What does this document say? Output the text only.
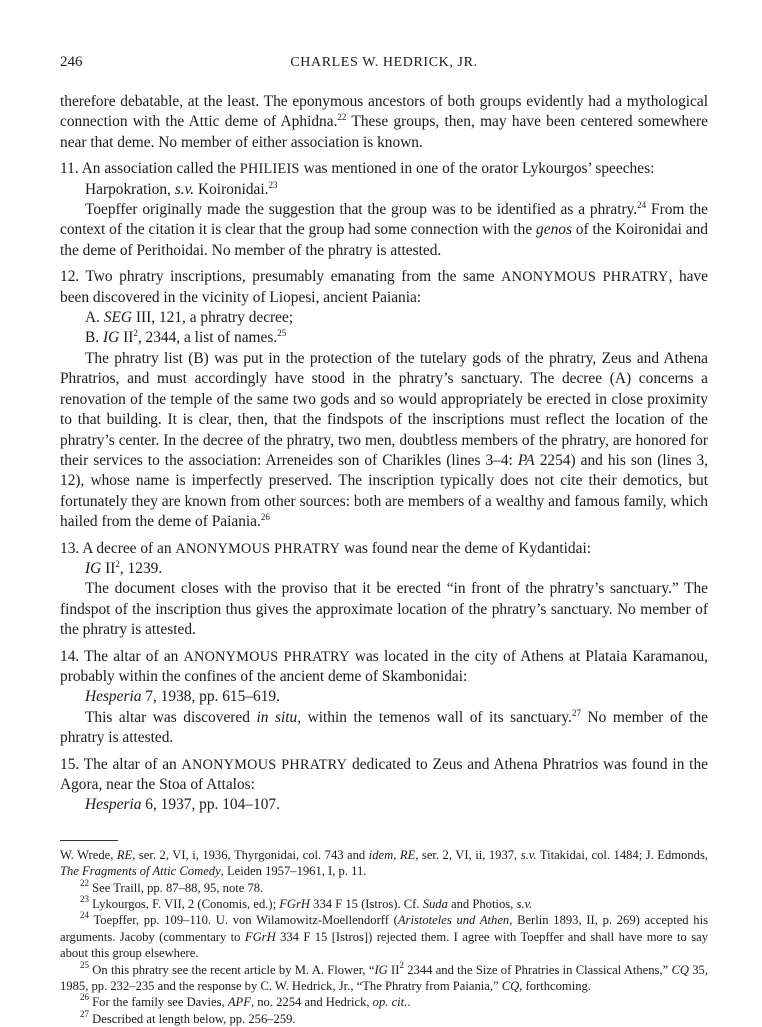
246	CHARLES W. HEDRICK, JR.

therefore debatable, at the least. The eponymous ancestors of both groups evidently had a mythological connection with the Attic deme of Aphidna.$^{22}$ These groups, then, may have been centered somewhere near that deme. No member of either association is known.

11. An association called the PHILIEIS was mentioned in one of the orator Lykourgos’ speeches:

Harpokration, s.v. Koironidai.$^{23}$

Toepffer originally made the suggestion that the group was to be identified as a phratry.$^{24}$ From the context of the citation it is clear that the group had some connection with the genos of the Koironidai and the deme of Perithoidai. No member of the phratry is attested.

12. Two phratry inscriptions, presumably emanating from the same ANONYMOUS PHRATRY, have been discovered in the vicinity of Liopesi, ancient Paiania:

A. SEG III, 121, a phratry decree;

B. IG $II^2$, 2344, a list of names.$^{25}$

The phratry list (B) was put in the protection of the tutelary gods of the phratry, Zeus and Athena Phratrios, and must accordingly have stood in the phratry’s sanctuary. The decree (A) concerns a renovation of the temple of the same two gods and so would appropriately be erected in close proximity to that building. It is clear, then, that the findspots of the inscriptions must reflect the location of the phratry’s center. In the decree of the phratry, two men, doubtless members of the phratry, are honored for their services to the association: Arreneides son of Charikles (lines 3–4: PA 2254) and his son (lines 3, 12), whose name is imperfectly preserved. The inscription typically does not cite their demotics, but fortunately they are known from other sources: both are members of a wealthy and famous family, which hailed from the deme of Paiania.$^{26}$

13. A decree of an ANONYMOUS PHRATRY was found near the deme of Kydantidai:

IG $II^2$, 1239.

The document closes with the proviso that it be erected “in front of the phratry’s sanctuary.” The findspot of the inscription thus gives the approximate location of the phratry’s sanctuary. No member of the phratry is attested.

14. The altar of an ANONYMOUS PHRATRY was located in the city of Athens at Plataia Karamanou, probably within the confines of the ancient deme of Skambonidai:

Hesperia 7, 1938, pp. 615–619.

This altar was discovered in situ, within the temenos wall of its sanctuary.$^{27}$ No member of the phratry is attested.

15. The altar of an ANONYMOUS PHRATRY dedicated to Zeus and Athena Phratrios was found in the Agora, near the Stoa of Attalos:

Hesperia 6, 1937, pp. 104–107.

W. Wrede, RE, ser. 2, VI, i, 1936, Thyrgonidai, col. 743 and idem, RE, ser. 2, VI, ii, 1937, s.v. Titakidai, col. 1484; J. Edmonds, The Fragments of Attic Comedy, Leiden 1957–1961, I, p. 11.

$^{22}$ See Traill, pp. 87–88, 95, note 78.

$^{23}$ Lykourgos, F. VII, 2 (Conomis, ed.); FGrH 334 F 15 (Istros). Cf. Suda and Photios, s.v.

$^{24}$ Toepffer, pp. 109–110. U. von Wilamowitz-Moellendorff (Aristoteles und Athen, Berlin 1893, II, p. 269) accepted his arguments. Jacoby (commentary to FGrH 334 F 15 [Istros]) rejected them. I agree with Toepffer and shall have more to say about this group elsewhere.

$^{25}$ On this phratry see the recent article by M. A. Flower, “IG $II^2$ 2344 and the Size of Phratries in Classical Athens,” CQ 35, 1985, pp. 232–235 and the response by C. W. Hedrick, Jr., “The Phratry from Paiania,” CQ, forthcoming.

$^{26}$ For the family see Davies, APF, no. 2254 and Hedrick, op. cit..

$^{27}$ Described at length below, pp. 256–259.
